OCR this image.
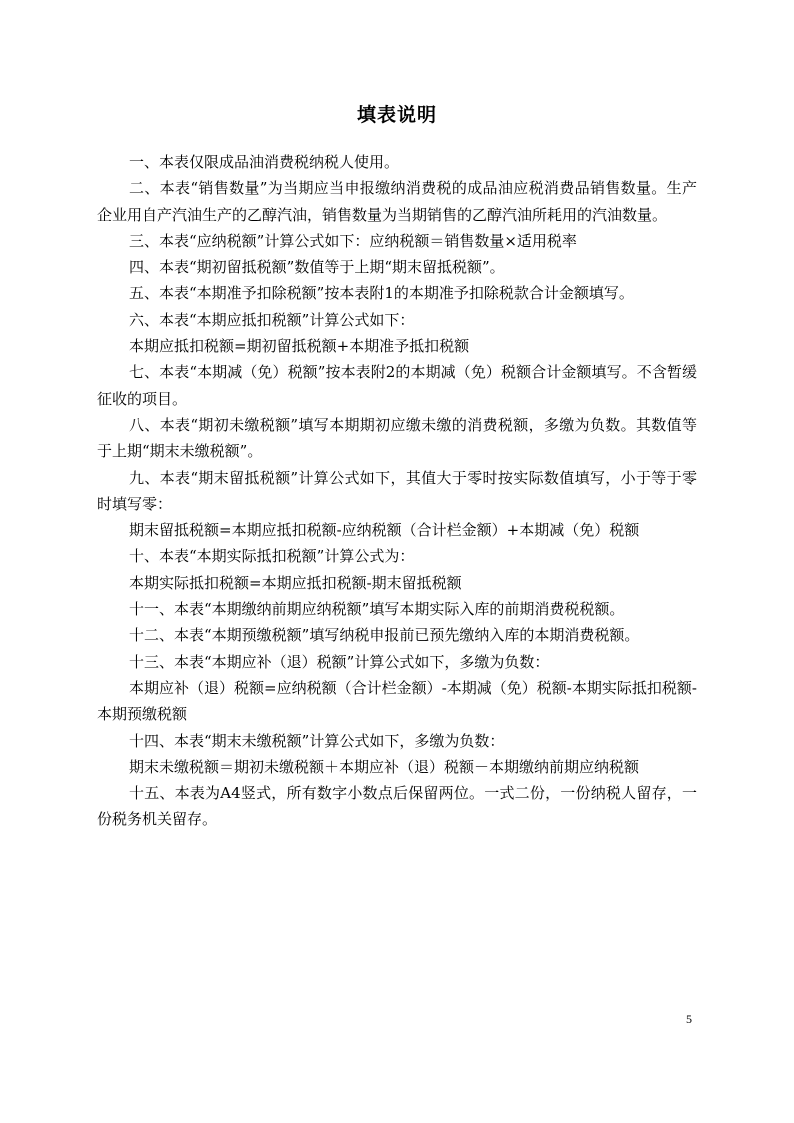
填表说明

一、本表仅限成品油消费税纳税人使用。

二、本表“销售数量”为当期应当申报缴纳消费税的成品油应税消费品销售数量。生产企业用自产汽油生产的乙醇汽油，销售数量为当期销售的乙醇汽油所耗用的汽油数量。

三、本表“应纳税额”计算公式如下：应纳税额＝销售数量×适用税率

四、本表“期初留抵税额”数值等于上期“期末留抵税额”。

五、本表“本期准予扣除税额”按本表附1的本期准予扣除税款合计金额填写。

六、本表“本期应抵扣税额”计算公式如下：

本期应抵扣税额=期初留抵税额+本期准予抵扣税额

七、本表“本期减（免）税额”按本表附2的本期减（免）税额合计金额填写。不含暂缓征收的项目。

八、本表“期初未缴税额”填写本期期初应缴未缴的消费税额，多缴为负数。其数值等于上期“期末未缴税额”。

九、本表“期末留抵税额”计算公式如下，其值大于零时按实际数值填写，小于等于零时填写零：

期末留抵税额=本期应抵扣税额-应纳税额（合计栏金额）+本期减（免）税额

十、本表“本期实际抵扣税额”计算公式为：

本期实际抵扣税额=本期应抵扣税额-期末留抵税额

十一、本表“本期缴纳前期应纳税额”填写本期实际入库的前期消费税税额。

十二、本表“本期预缴税额”填写纳税申报前已预先缴纳入库的本期消费税额。

十三、本表“本期应补（退）税额”计算公式如下，多缴为负数：

本期应补（退）税额=应纳税额（合计栏金额）-本期减（免）税额-本期实际抵扣税额-本期预缴税额

十四、本表“期末未缴税额”计算公式如下，多缴为负数：

期末未缴税额＝期初未缴税额＋本期应补（退）税额－本期缴纳前期应纳税额

十五、本表为A4竖式，所有数字小数点后保留两位。一式二份，一份纳税人留存，一份税务机关留存。

5
